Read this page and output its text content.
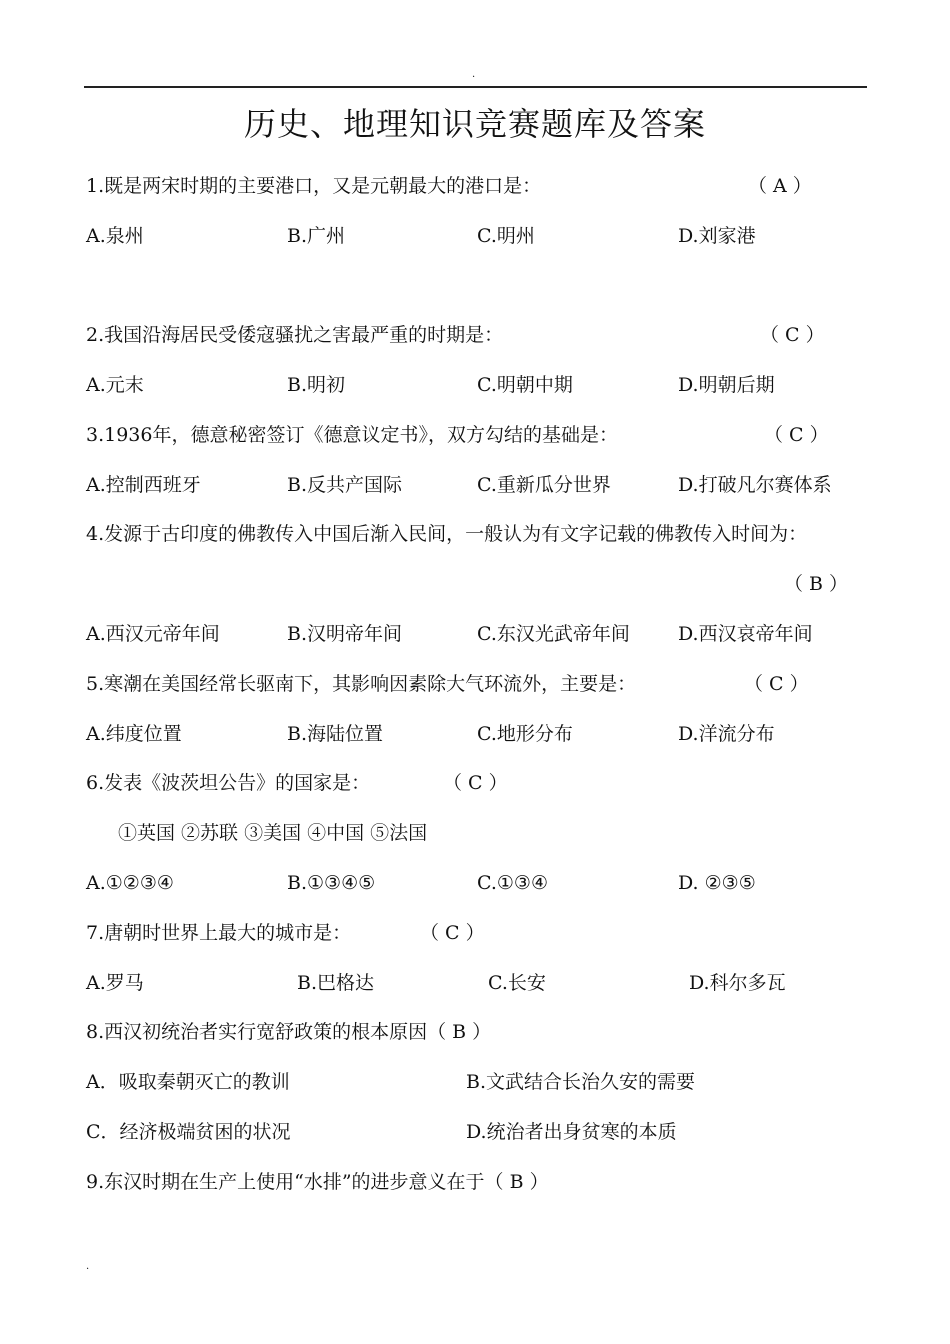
.
历史、地理知识竞赛题库及答案
1.既是两宋时期的主要港口，又是元朝最大的港口是：	（ A ）
A.泉州	B.广州	C.明州	D.刘家港
2.我国沿海居民受倭寇骚扰之害最严重的时期是：	（ C ）
A.元末	B.明初	C.明朝中期	D.明朝后期
3.1936年，德意秘密签订《德意议定书》，双方勾结的基础是：	（ C ）
A.控制西班牙	B.反共产国际	C.重新瓜分世界	D.打破凡尔赛体系
4.发源于古印度的佛教传入中国后渐入民间，一般认为有文字记载的佛教传入时间为：
（ B ）
A.西汉元帝年间	B.汉明帝年间	C.东汉光武帝年间	D.西汉哀帝年间
5.寒潮在美国经常长驱南下，其影响因素除大气环流外，主要是：	（ C ）
A.纬度位置	B.海陆位置	C.地形分布	D.洋流分布
6.发表《波茨坦公告》的国家是：	（ C ）
①英国 ②苏联 ③美国 ④中国 ⑤法国
A.①②③④	B.①③④⑤	C.①③④	D. ②③⑤
7.唐朝时世界上最大的城市是：	（ C ）
A.罗马	B.巴格达	C.长安	D.科尔多瓦
8.西汉初统治者实行宽舒政策的根本原因（ B ）
A．吸取秦朝灭亡的教训	B.文武结合长治久安的需要
C．经济极端贫困的状况	D.统治者出身贫寒的本质
9.东汉时期在生产上使用“水排”的进步意义在于（ B ）
.
